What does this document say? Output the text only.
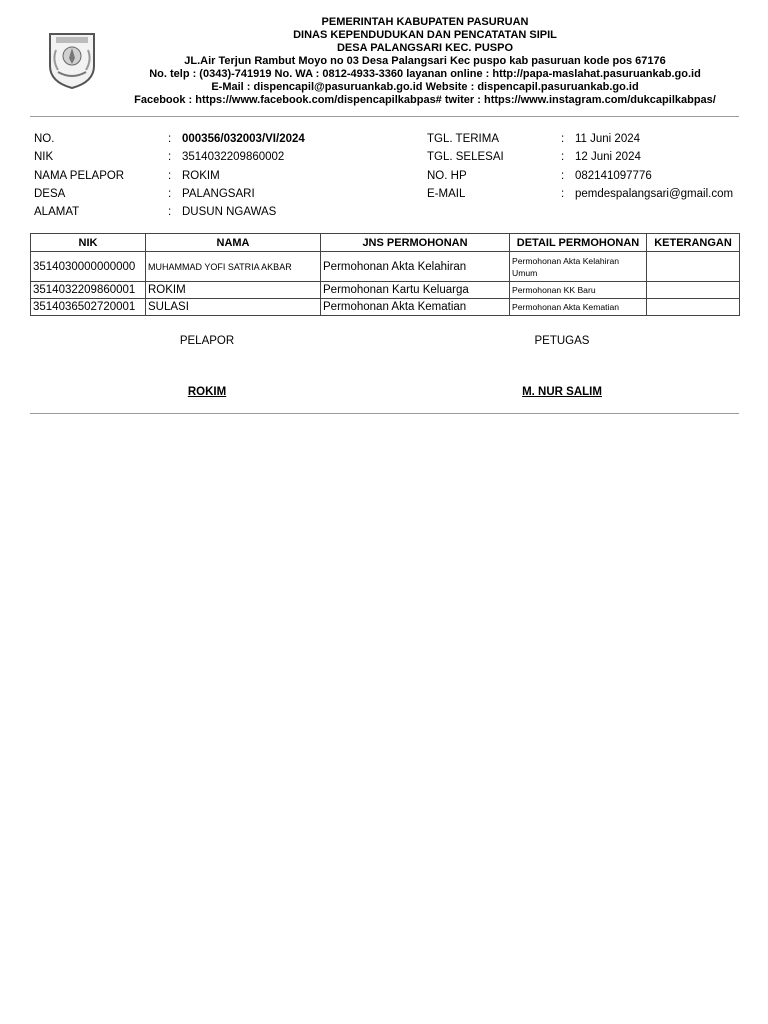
PEMERINTAH KABUPATEN PASURUAN
DINAS KEPENDUDUKAN DAN PENCATATAN SIPIL
DESA PALANGSARI KEC. PUSPO
JL.Air Terjun Rambut Moyo no 03 Desa Palangsari Kec puspo kab pasuruan kode pos 67176
No. telp : (0343)-741919 No. WA : 0812-4933-3360 layanan online : http://papa-maslahat.pasuruankab.go.id
E-Mail : dispencapil@pasuruankab.go.id Website : dispencapil.pasuruankab.go.id
Facebook : https://www.facebook.com/dispencapilkabpas# twiter : https://www.instagram.com/dukcapilkabpas/
NO.	: 000356/032003/VI/2024
NIK	: 3514032209860002
NAMA PELAPOR	: ROKIM
DESA	: PALANGSARI
ALAMAT	: DUSUN NGAWAS
TGL. TERIMA	: 11 Juni 2024
TGL. SELESAI	: 12 Juni 2024
NO. HP	: 082141097776
E-MAIL	: pemdespalangsari@gmail.com
NIK	NAMA	JNS PERMOHONAN	DETAIL PERMOHONAN	KETERANGAN
3514030000000000	MUHAMMAD YOFI SATRIA AKBAR	Permohonan Akta Kelahiran	Permohonan Akta Kelahiran Umum	
3514032209860001	ROKIM	Permohonan Kartu Keluarga	Permohonan KK Baru	
3514036502720001	SULASI	Permohonan Akta Kematian	Permohonan Akta Kematian	
PELAPOR	PETUGAS
ROKIM	M. NUR SALIM
